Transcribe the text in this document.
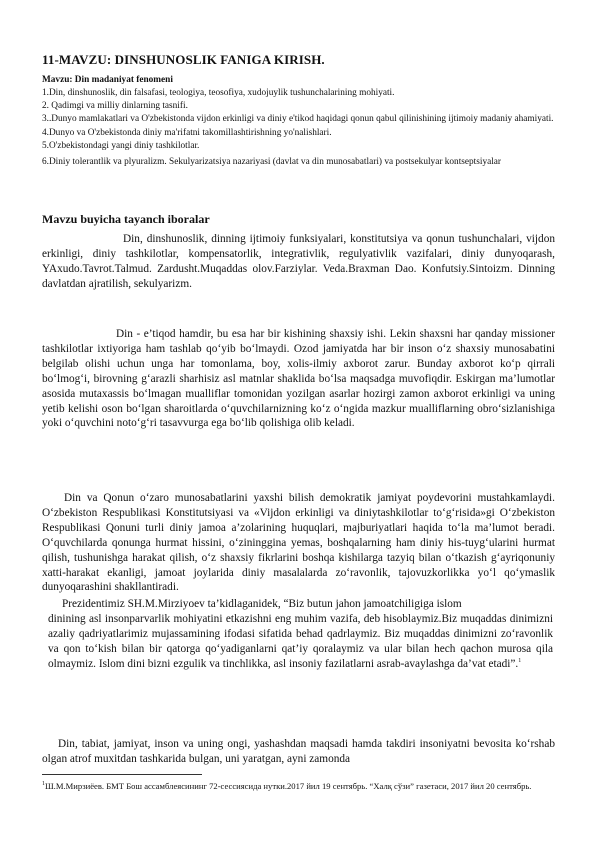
11-MAVZU: DINSHUNOSLIK FANIGA KIRISH.
Mavzu: Din madaniyat fenomeni
1.Din, dinshunoslik, din falsafasi, teologiya, teosofiya, xudojuylik tushunchalarining mohiyati.
2. Qadimgi va milliy dinlarning tasnifi.
3..Dunyo mamlakatlari va O'zbekistonda vijdon erkinligi va diniy e'tikod haqidagi qonun qabul qilinishining ijtimoiy madaniy ahamiyati.
4.Dunyo va O'zbekistonda diniy ma'rifatni takomillashtirishning yo'nalishlari.
5.O'zbekistondagi yangi diniy tashkilotlar.
6.Diniy tolerantlik va plyuralizm. Sekulyarizatsiya nazariyasi (davlat va din munosabatlari) va postsekulyar kontseptsiyalar
Mavzu buyicha tayanch iboralar
Din, dinshunoslik, dinning ijtimoiy funksiyalari, konstitutsiya va qonun tushunchalari, vijdon erkinligi, diniy tashkilotlar, kompensatorlik, integrativlik, regulyativlik vazifalari, diniy dunyoqarash, YAxudo.Tavrot.Talmud. Zardusht.Muqaddas olov.Farziylar. Veda.Braxman Dao. Konfutsiy.Sintoizm. Dinning davlatdan ajratilish, sekulyarizm.
Din - e’tiqod hamdir, bu esa har bir kishining shaxsiy ishi. Lekin shaxsni har qanday missioner tashkilotlar ixtiyoriga ham tashlab qo‘yib bo‘lmaydi. Ozod jamiyatda har bir inson o‘z shaxsiy munosabatini belgilab olishi uchun unga har tomonlama, boy, xolis-ilmiy axborot zarur. Bunday axborot ko‘p qirrali bo‘lmog‘i, birovning g‘arazli sharhisiz asl matnlar shaklida bo‘lsa maqsadga muvofiqdir. Eskirgan ma’lumotlar asosida mutaxassis bo‘lmagan mualliflar tomonidan yozilgan asarlar hozirgi zamon axborot erkinligi va uning yetib kelishi oson bo‘lgan sharoitlarda o‘quvchilarnizning ko‘z o‘ngida mazkur mualliflarning obro‘sizlanishiga yoki o‘quvchini noto‘g‘ri tasavvurga ega bo‘lib qolishiga olib keladi.
Din va Qonun o‘zaro munosabatlarini yaxshi bilish demokratik jamiyat poydevorini mustahkamlaydi. O‘zbekiston Respublikasi Konstitutsiyasi va «Vijdon erkinligi va diniytashkilotlar to‘g‘risida»gi O‘zbekiston Respublikasi Qonuni turli diniy jamoa a’zolarining huquqlari, majburiyatlari haqida to‘la ma’lumot beradi. O‘quvchilarda qonunga hurmat hissini, o‘zininggina yemas, boshqalarning ham diniy his-tuyg‘ularini hurmat qilish, tushunishga harakat qilish, o‘z shaxsiy fikrlarini boshqa kishilarga tazyiq bilan o‘tkazish g‘ayriqonuniy xatti-harakat ekanligi, jamoat joylarida diniy masalalarda zo‘ravonlik, tajovuzkorlikka yo‘l qo‘ymaslik dunyoqarashini shakllantiradi.
Prezidentimiz SH.M.Mirziyoev ta’kidlaganidek, “Biz butun jahon jamoatchiligiga islom
dinining asl insonparvarlik mohiyatini etkazishni eng muhim vazifa, deb hisoblaymiz.Biz muqaddas dinimizni azaliy qadriyatlarimiz mujassamining ifodasi sifatida behad qadrlaymiz. Biz muqaddas dinimizni zo‘ravonlik va qon to‘kish bilan bir qatorga qo‘yadiganlarni qat’iy qoralaymiz va ular bilan hech qachon murosa qila olmaymiz. Islom dini bizni ezgulik va tinchlikka, asl insoniy fazilatlarni asrab-avaylashga da’vat etadi”.$^1$
Din, tabiat, jamiyat, inson va uning ongi, yashashdan maqsadi hamda takdiri insoniyatni bevosita ko‘rshab olgan atrof muxitdan tashkarida bulgan, uni yaratgan, ayni zamonda
$^1$Ш.М.Мирзиёев. БМТ Бош ассамблеясининг 72-сессиясида нутки.2017 йил 19 сентябрь. “Халқ сўзи” газетаси, 2017 йил 20 сентябрь.
